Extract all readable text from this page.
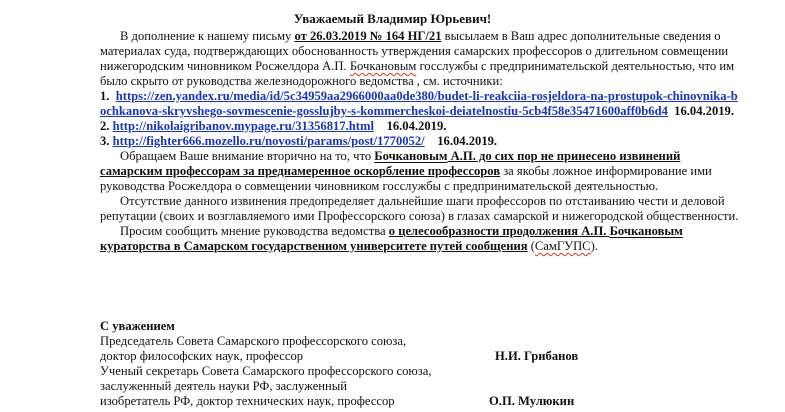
Уважаемый Владимир Юрьевич!

В дополнение к нашему письму от 26.03.2019 № 164 НГ/21 высылаем в Ваш адрес дополнительные сведения о материалах суда, подтверждающих обоснованность утверждения самарских профессоров о длительном совмещении нижегородским чиновником Росжелдора А.П. Бочкановым госслужбы с предпринимательской деятельностью, что им было скрыто от руководства железнодорожного ведомства , см. источники:

1. https://zen.yandex.ru/media/id/5c34959aa2966000aa0de380/budet-li-reakciia-rosjeldora-na-prostupok-chinovnika-bochkanova-skryvshego-sovmescenie-gosslujby-s-kommercheskoi-deiatelnostiu-5cb4f58e35471600aff0b6d4 16.04.2019.

2. http://nikolaigribanov.mypage.ru/31356817.html 16.04.2019.

3. http://fighter666.mozello.ru/novosti/params/post/1770052/ 16.04.2019.

Обращаем Ваше внимание вторично на то, что Бочкановым А.П. до сих пор не принесено извинений самарским профессорам за преднамеренное оскорбление профессоров за якобы ложное информирование ими руководства Росжелдора о совмещении чиновником госслужбы с предпринимательской деятельностью.

Отсутствие данного извинения предопределяет дальнейшие шаги профессоров по отстаиванию чести и деловой репутации (своих и возглавляемого ими Профессорского союза) в глазах самарской и нижегородской общественности.

Просим сообщить мнение руководства ведомства о целесообразности продолжения А.П. Бочкановым кураторства в Самарском государственном университете путей сообщения (СамГУПС).

С уважением
Председатель Совета Самарского профессорского союза,
доктор философских наук, профессор
Ученый секретарь Совета Самарского профессорского союза,
заслуженный деятель науки РФ, заслуженный
изобретатель РФ, доктор технических наук, профессор
Н.И. Грибанов
О.П. Мулюкин
